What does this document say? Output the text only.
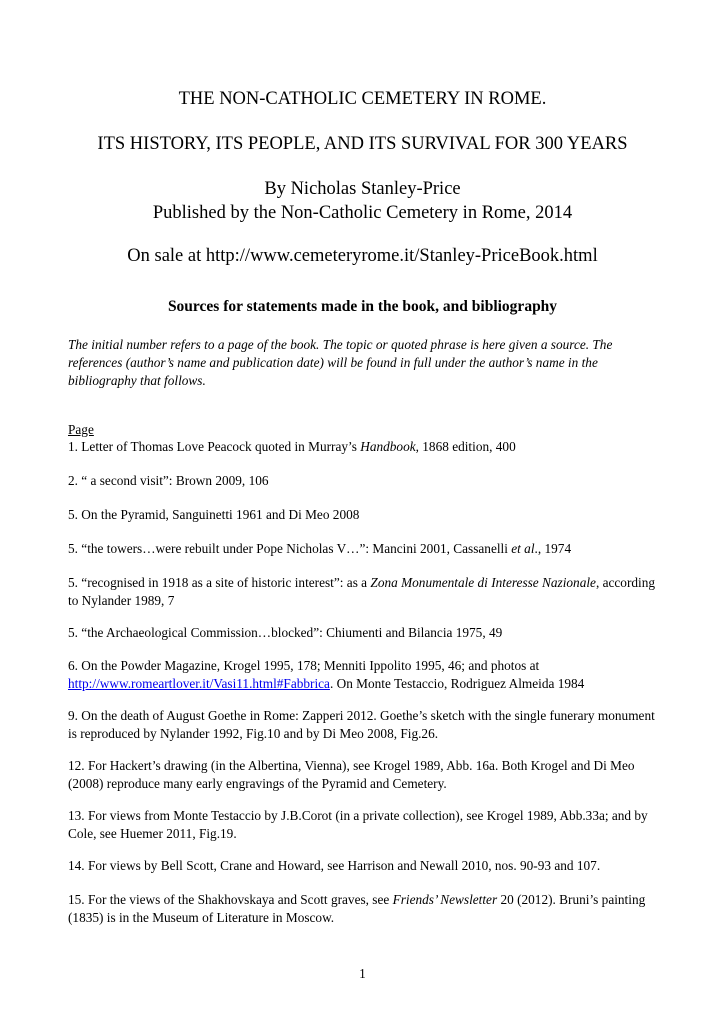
THE NON-CATHOLIC CEMETERY IN ROME.
ITS HISTORY, ITS PEOPLE, AND ITS SURVIVAL FOR 300 YEARS

By Nicholas Stanley-Price

Published by the Non-Catholic Cemetery in Rome, 2014

On sale at http://www.cemeteryrome.it/Stanley-PriceBook.html

Sources for statements made in the book, and bibliography

The initial number refers to a page of the book. The topic or quoted phrase is here given a source. The references (author’s name and publication date) will be found in full under the author’s name in the bibliography that follows.

Page

1. Letter of Thomas Love Peacock quoted in Murray’s Handbook, 1868 edition, 400

2. “ a second visit”: Brown 2009, 106

5. On the Pyramid, Sanguinetti 1961 and Di Meo 2008

5. “the towers…were rebuilt under Pope Nicholas V…”: Mancini 2001, Cassanelli et al., 1974

5. “recognised in 1918 as a site of historic interest”: as a Zona Monumentale di Interesse Nazionale, according to Nylander 1989, 7

5. “the Archaeological Commission…blocked”: Chiumenti and Bilancia 1975, 49

6. On the Powder Magazine, Krogel 1995, 178; Menniti Ippolito 1995, 46; and photos at http://www.romeartlover.it/Vasi11.html#Fabbrica. On Monte Testaccio, Rodriguez Almeida 1984

9. On the death of August Goethe in Rome: Zapperi 2012. Goethe’s sketch with the single funerary monument is reproduced by Nylander 1992, Fig.10 and by Di Meo 2008, Fig.26.

12. For Hackert’s drawing (in the Albertina, Vienna), see Krogel 1989, Abb. 16a. Both Krogel and Di Meo (2008) reproduce many early engravings of the Pyramid and Cemetery.

13. For views from Monte Testaccio by J.B.Corot (in a private collection), see Krogel 1989, Abb.33a; and by Cole, see Huemer 2011, Fig.19.

14. For views by Bell Scott, Crane and Howard, see Harrison and Newall 2010, nos. 90-93 and 107.

15. For the views of the Shakhovskaya and Scott graves, see Friends’ Newsletter 20 (2012). Bruni’s painting (1835) is in the Museum of Literature in Moscow.

1
